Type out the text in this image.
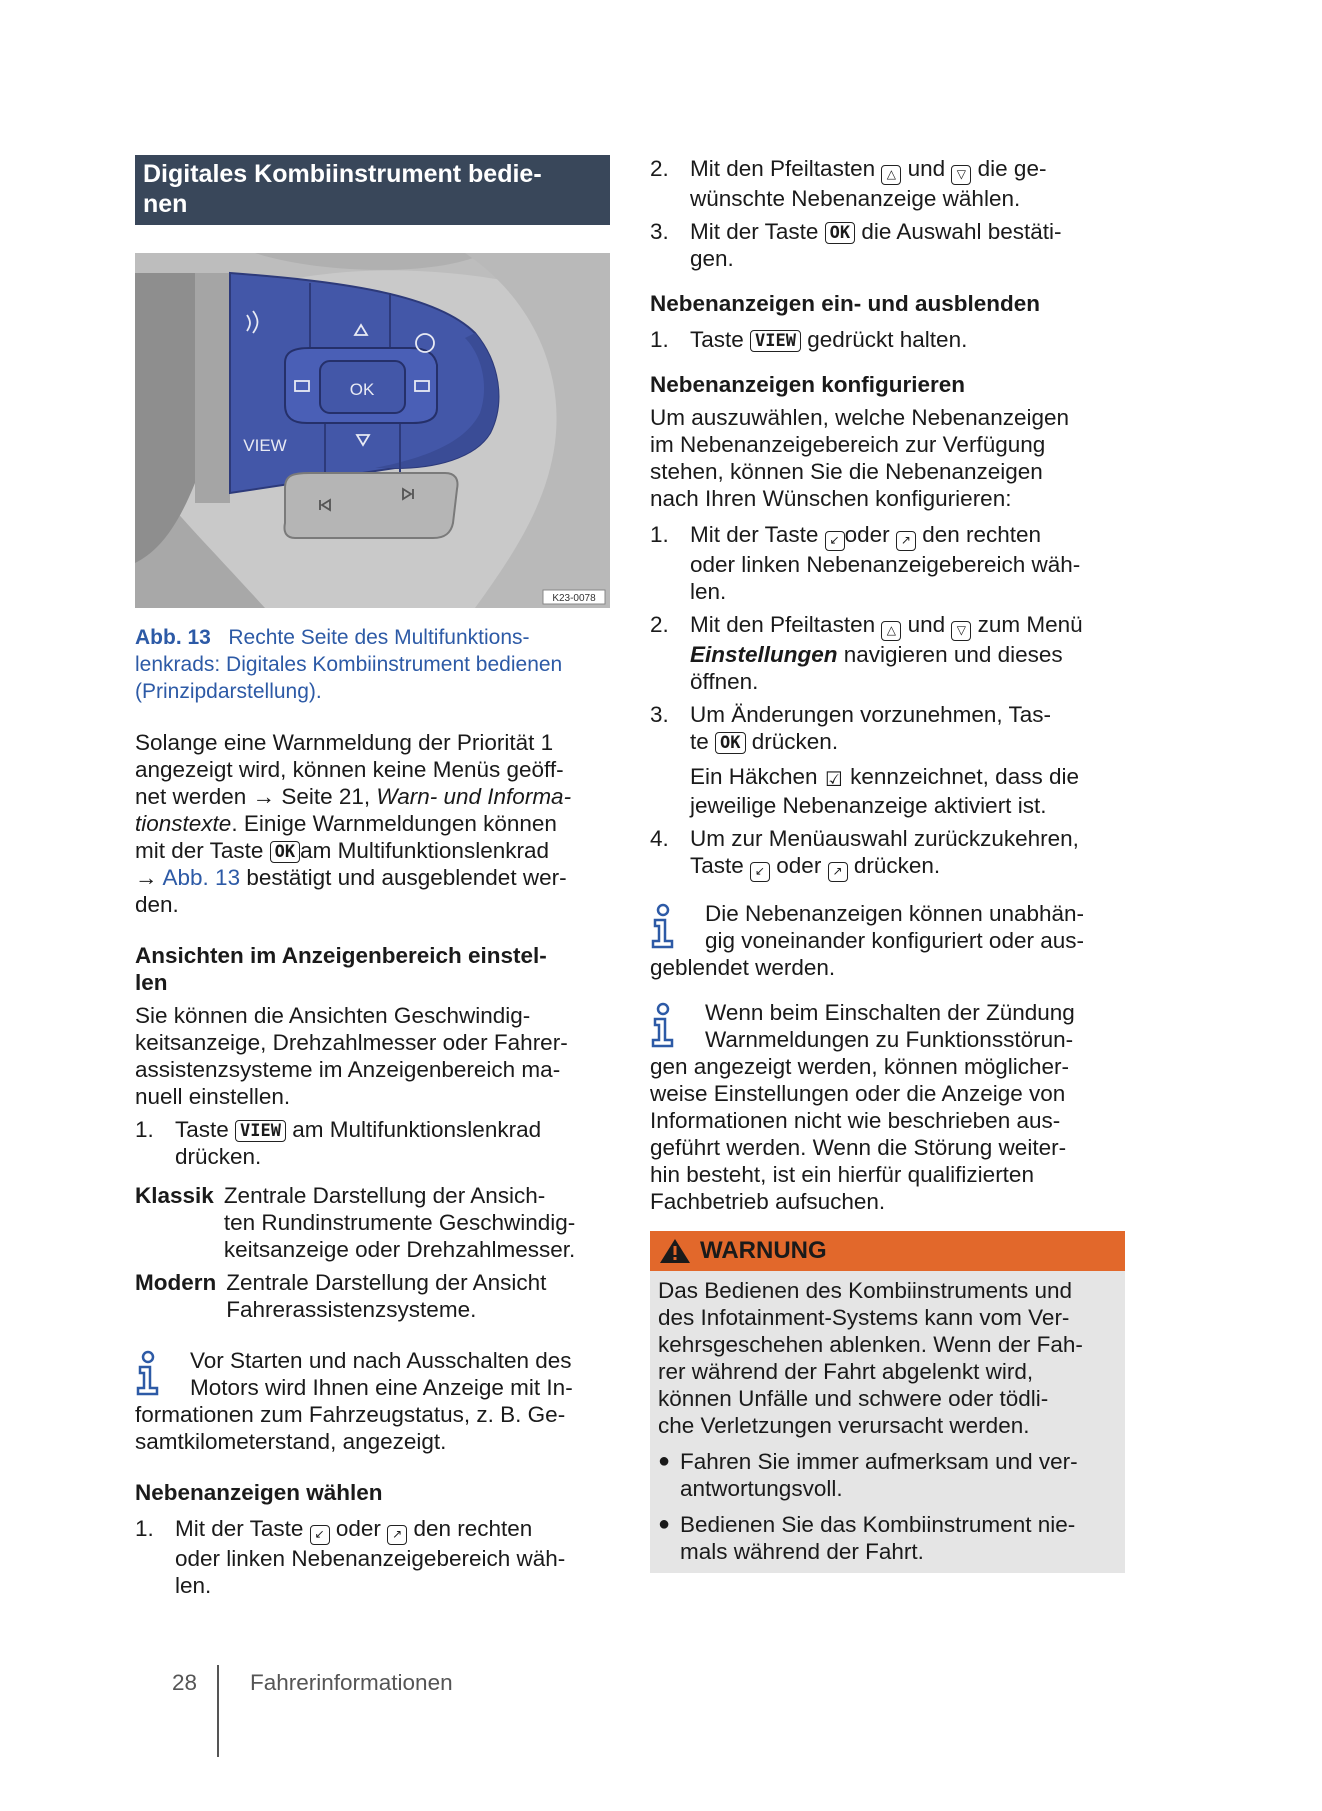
Digitales Kombiinstrument bedie-
nen
OK
VIEW
K23-0078
Abb. 13 Rechte Seite des Multifunktions-
lenkrads: Digitales Kombiinstrument bedienen
(Prinzipdarstellung).
Solange eine Warnmeldung der Priorität 1
angezeigt wird, können keine Menüs geöff-
net werden → Seite 21, Warn- und Informa-
tionstexte. Einige Warnmeldungen können
mit der Taste OK am Multifunktionslenkrad
→ Abb. 13 bestätigt und ausgeblendet wer-
den.
Ansichten im Anzeigenbereich einstel-
len
Sie können die Ansichten Geschwindig-
keitsanzeige, Drehzahlmesser oder Fahrer-
assistenzsysteme im Anzeigenbereich ma-
nuell einstellen.
1. Taste VIEW am Multifunktionslenkrad
drücken.
Klassik Zentrale Darstellung der Ansich-
ten Rundinstrumente Geschwindig-
keitsanzeige oder Drehzahlmesser.
Modern Zentrale Darstellung der Ansicht
Fahrerassistenzsysteme.
Vor Starten und nach Ausschalten des
Motors wird Ihnen eine Anzeige mit In-
formationen zum Fahrzeugstatus, z. B. Ge-
samtkilometerstand, angezeigt.
Nebenanzeigen wählen
1. Mit der Taste ↙ oder ↗ den rechten
oder linken Nebenanzeigebereich wäh-
len.
2. Mit den Pfeiltasten △ und ▽ die ge-
wünschte Nebenanzeige wählen.
3. Mit der Taste OK die Auswahl bestäti-
gen.
Nebenanzeigen ein- und ausblenden
1. Taste VIEW gedrückt halten.
Nebenanzeigen konfigurieren
Um auszuwählen, welche Nebenanzeigen
im Nebenanzeigebereich zur Verfügung
stehen, können Sie die Nebenanzeigen
nach Ihren Wünschen konfigurieren:
1. Mit der Taste ↙ oder ↗ den rechten
oder linken Nebenanzeigebereich wäh-
len.
2. Mit den Pfeiltasten △ und ▽ zum Menü
Einstellungen navigieren und dieses
öffnen.
3. Um Änderungen vorzunehmen, Tas-
te OK drücken.
Ein Häkchen ☑ kennzeichnet, dass die
jeweilige Nebenanzeige aktiviert ist.
4. Um zur Menüauswahl zurückzukehren,
Taste ↙ oder ↗ drücken.
Die Nebenanzeigen können unabhän-
gig voneinander konfiguriert oder aus-
geblendet werden.
Wenn beim Einschalten der Zündung
Warnmeldungen zu Funktionsstörun-
gen angezeigt werden, können möglicher-
weise Einstellungen oder die Anzeige von
Informationen nicht wie beschrieben aus-
geführt werden. Wenn die Störung weiter-
hin besteht, ist ein hierfür qualifizierten
Fachbetrieb aufsuchen.
WARNUNG
Das Bedienen des Kombiinstruments und
des Infotainment-Systems kann vom Ver-
kehrsgeschehen ablenken. Wenn der Fah-
rer während der Fahrt abgelenkt wird,
können Unfälle und schwere oder tödli-
che Verletzungen verursacht werden.
● Fahren Sie immer aufmerksam und ver-
antwortungsvoll.
● Bedienen Sie das Kombiinstrument nie-
mals während der Fahrt.
28 Fahrerinformationen
